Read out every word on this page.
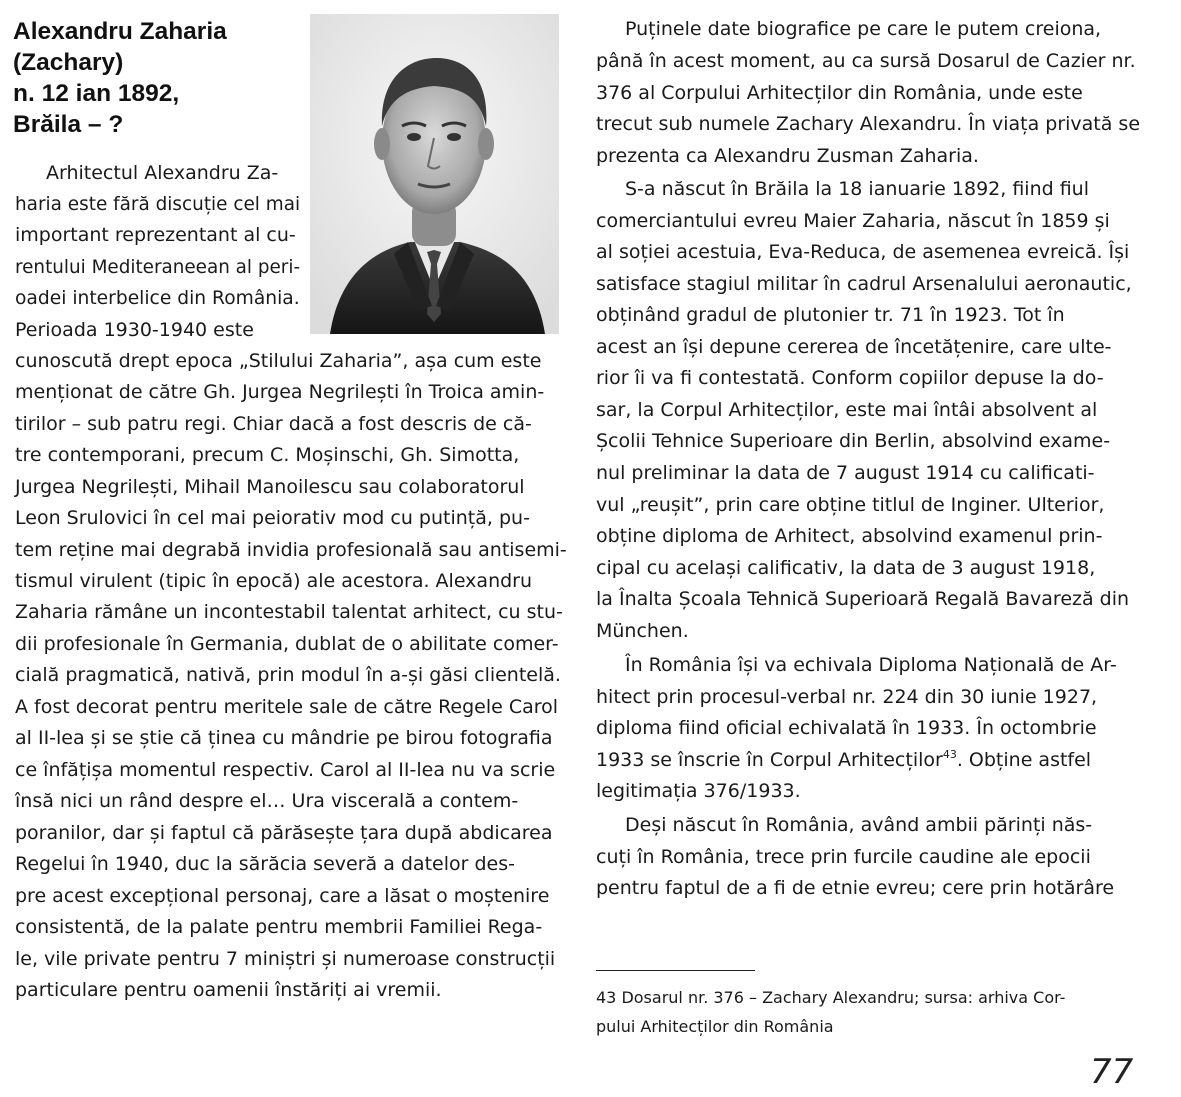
Alexandru Zaharia
(Zachary)
n. 12 ian 1892,
Brăila – ?
Arhitectul Alexandru Za-
haria este fără discuție cel mai
important reprezentant al cu-
rentului Mediteraneean al peri-
oadei interbelice din România.
Perioada 1930-1940 este
cunoscută drept epoca „Stilului Zaharia”, așa cum este
menționat de către Gh. Jurgea Negrilești în Troica amin-
tirilor – sub patru regi. Chiar dacă a fost descris de că-
tre contemporani, precum C. Moșinschi, Gh. Simotta,
Jurgea Negrilești, Mihail Manoilescu sau colaboratorul
Leon Srulovici în cel mai peiorativ mod cu putință, pu-
tem reține mai degrabă invidia profesională sau antisemi-
tismul virulent (tipic în epocă) ale acestora. Alexandru
Zaharia rămâne un incontestabil talentat arhitect, cu stu-
dii profesionale în Germania, dublat de o abilitate comer-
cială pragmatică, nativă, prin modul în a-și găsi clientelă.
A fost decorat pentru meritele sale de către Regele Carol
al II-lea și se știe că ținea cu mândrie pe birou fotografia
ce înfățișa momentul respectiv. Carol al II-lea nu va scrie
însă nici un rând despre el… Ura viscerală a contem-
poranilor, dar și faptul că părăsește țara după abdicarea
Regelui în 1940, duc la sărăcia severă a datelor des-
pre acest excepțional personaj, care a lăsat o moștenire
consistentă, de la palate pentru membrii Familiei Rega-
le, vile private pentru 7 miniștri și numeroase construcții
particulare pentru oamenii înstăriți ai vremii.
Puținele date biografice pe care le putem creiona,
până în acest moment, au ca sursă Dosarul de Cazier nr.
376 al Corpului Arhitecților din România, unde este
trecut sub numele Zachary Alexandru. În viața privată se
prezenta ca Alexandru Zusman Zaharia.
S-a născut în Brăila la 18 ianuarie 1892, fiind fiul
comerciantului evreu Maier Zaharia, născut în 1859 și
al soției acestuia, Eva-Reduca, de asemenea evreică. Își
satisface stagiul militar în cadrul Arsenalului aeronautic,
obținând gradul de plutonier tr. 71 în 1923. Tot în
acest an își depune cererea de încetățenire, care ulte-
rior îi va fi contestată. Conform copiilor depuse la do-
sar, la Corpul Arhitecților, este mai întâi absolvent al
Școlii Tehnice Superioare din Berlin, absolvind exame-
nul preliminar la data de 7 august 1914 cu calificati-
vul „reușit”, prin care obține titlul de Inginer. Ulterior,
obține diploma de Arhitect, absolvind examenul prin-
cipal cu același calificativ, la data de 3 august 1918,
la Înalta Școala Tehnică Superioară Regală Bavareză din
München.
În România își va echivala Diploma Națională de Ar-
hitect prin procesul-verbal nr. 224 din 30 iunie 1927,
diploma fiind oficial echivalată în 1933. În octombrie
1933 se înscrie în Corpul Arhitecților$^{43}$. Obține astfel
legitimația 376/1933.
Deși născut în România, având ambii părinți năs-
cuți în România, trece prin furcile caudine ale epocii
pentru faptul de a fi de etnie evreu; cere prin hotărâre
43 Dosarul nr. 376 – Zachary Alexandru; sursa: arhiva Cor-
pului Arhitecților din România
77
